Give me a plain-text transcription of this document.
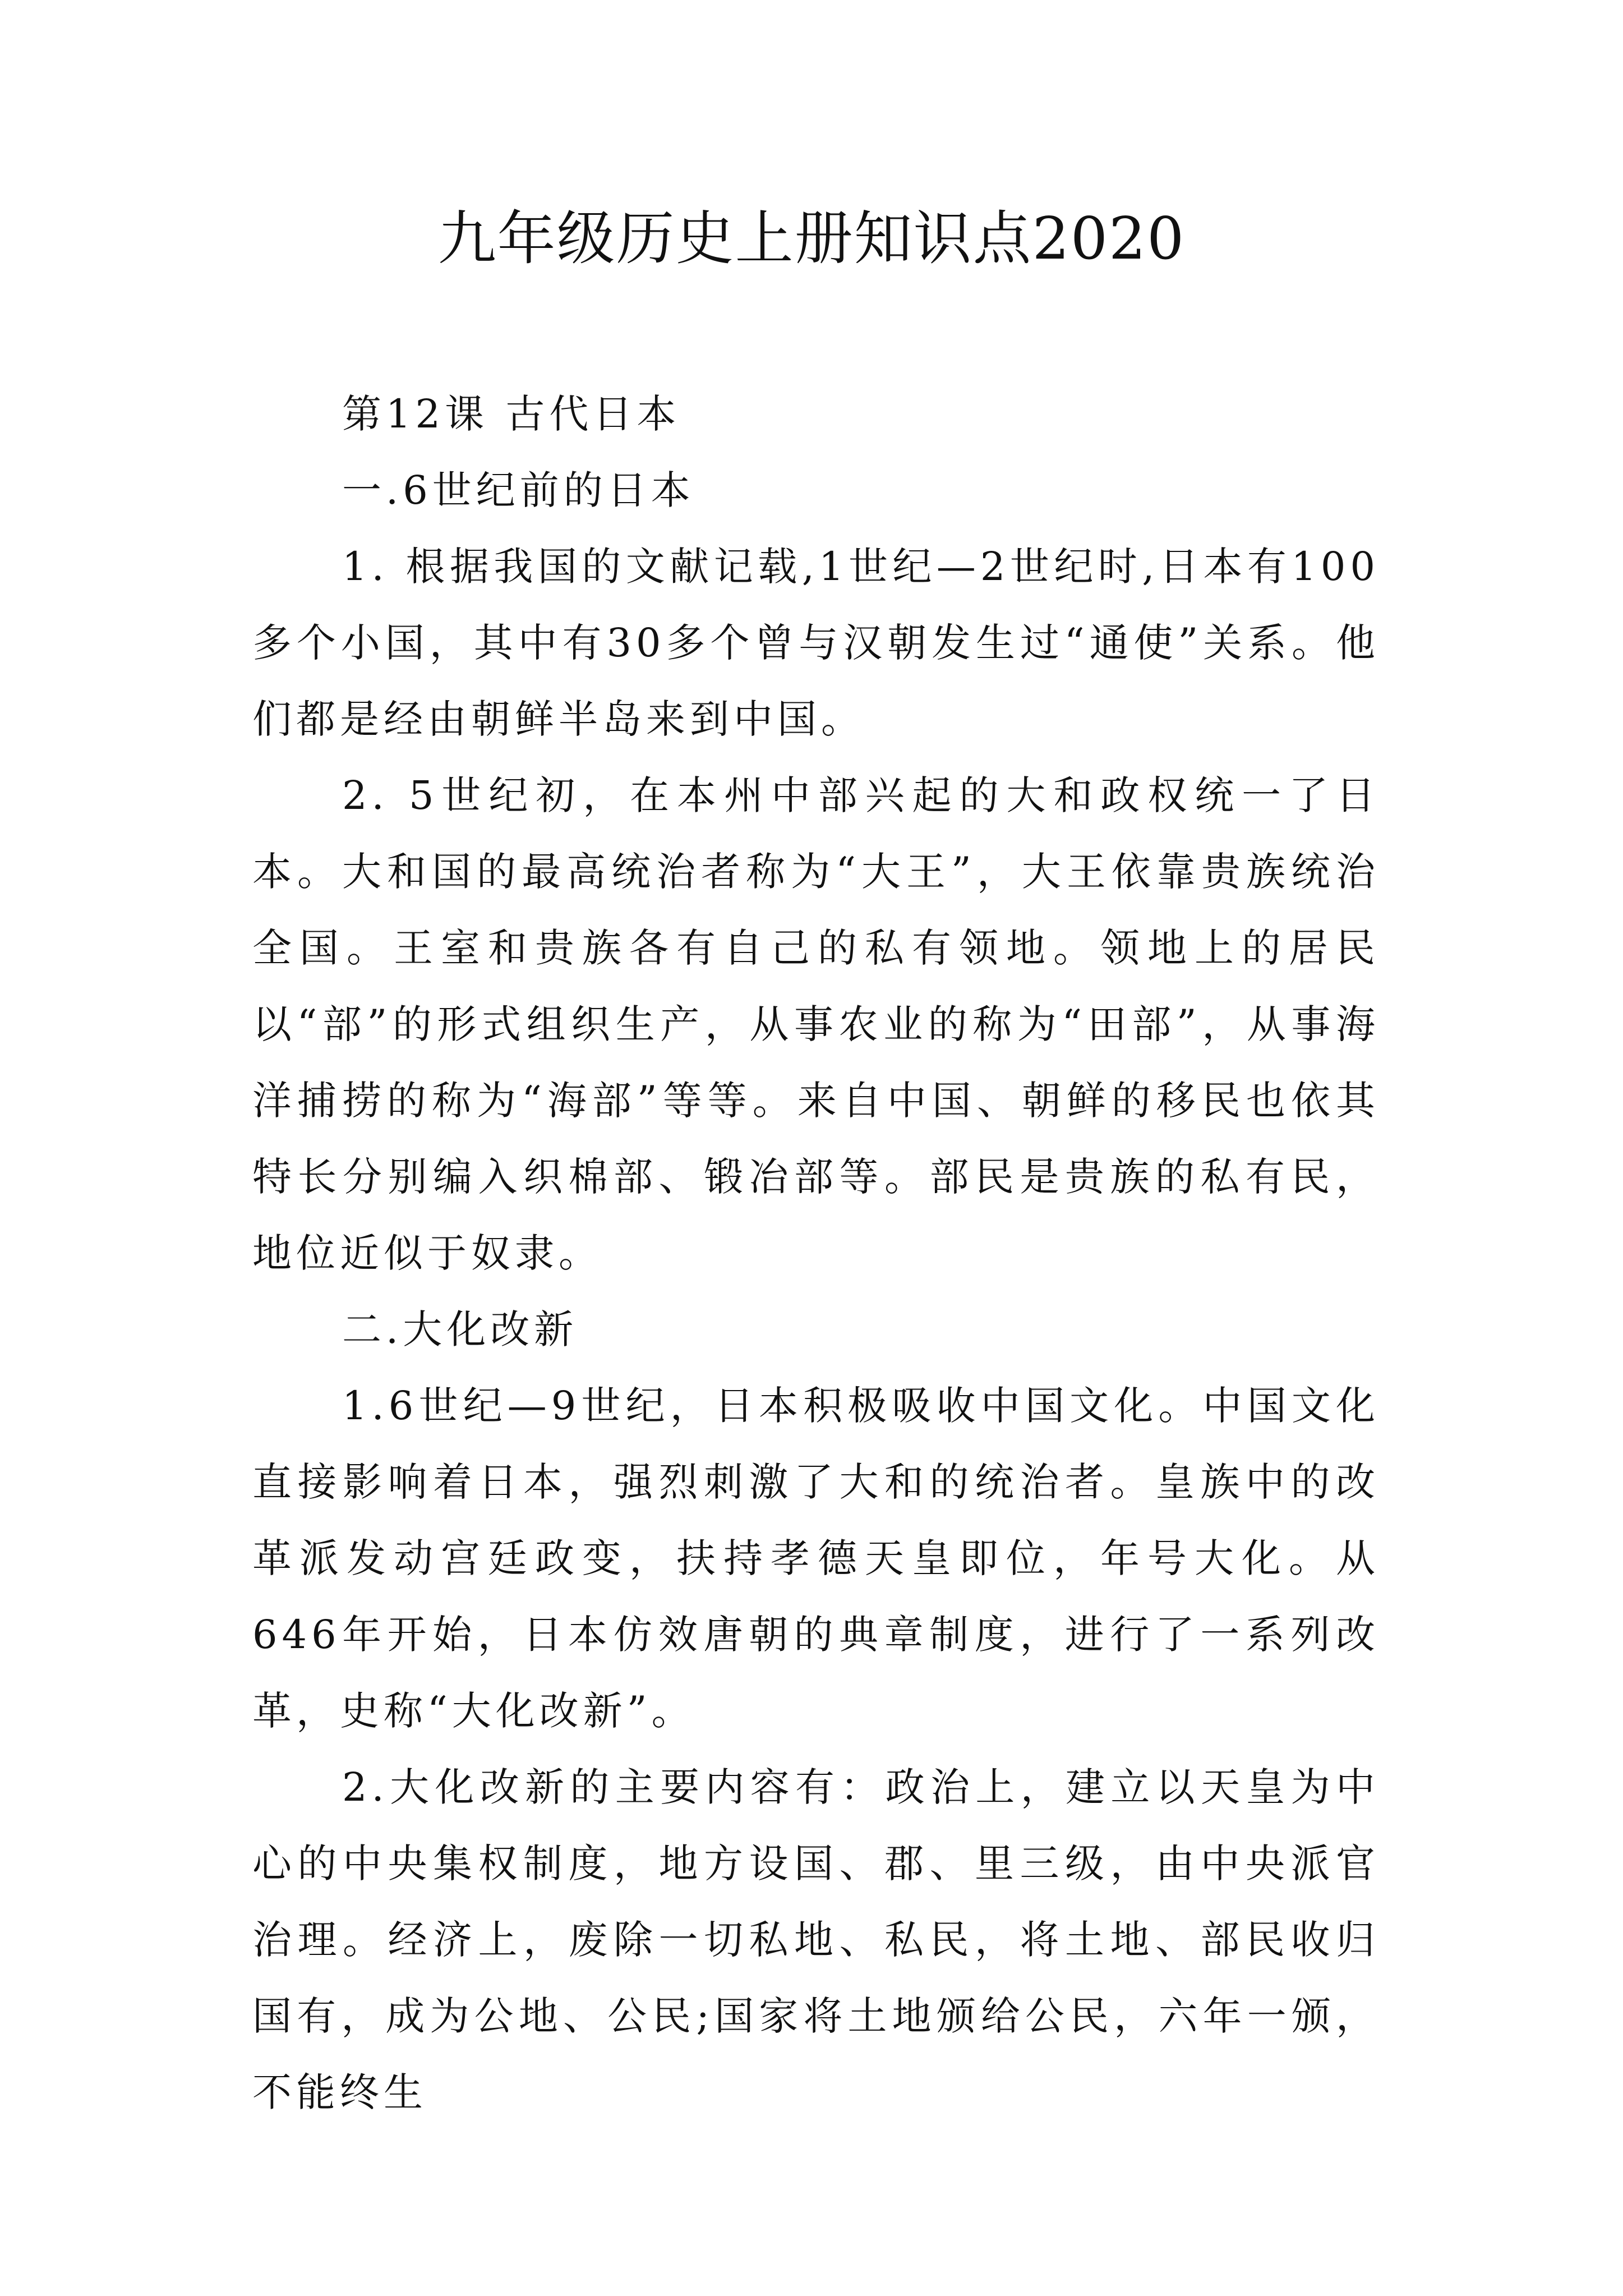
九年级历史上册知识点2020

第12课 古代日本

一.6世纪前的日本

1. 根据我国的文献记载,1世纪—2世纪时,日本有100多个小国，其中有30多个曾与汉朝发生过“通使”关系。他们都是经由朝鲜半岛来到中国。

2. 5世纪初，在本州中部兴起的大和政权统一了日本。大和国的最高统治者称为“大王”，大王依靠贵族统治全国。王室和贵族各有自己的私有领地。领地上的居民以“部”的形式组织生产，从事农业的称为“田部”，从事海洋捕捞的称为“海部”等等。来自中国、朝鲜的移民也依其特长分别编入织棉部、锻冶部等。部民是贵族的私有民，地位近似于奴隶。

二.大化改新

1.6世纪—9世纪，日本积极吸收中国文化。中国文化直接影响着日本，强烈刺激了大和的统治者。皇族中的改革派发动宫廷政变，扶持孝德天皇即位，年号大化。从646年开始，日本仿效唐朝的典章制度，进行了一系列改革，史称“大化改新”。

2.大化改新的主要内容有：政治上，建立以天皇为中心的中央集权制度，地方设国、郡、里三级，由中央派官治理。经济上，废除一切私地、私民，将土地、部民收归国有，成为公地、公民;国家将土地颁给公民，六年一颁，不能终生
